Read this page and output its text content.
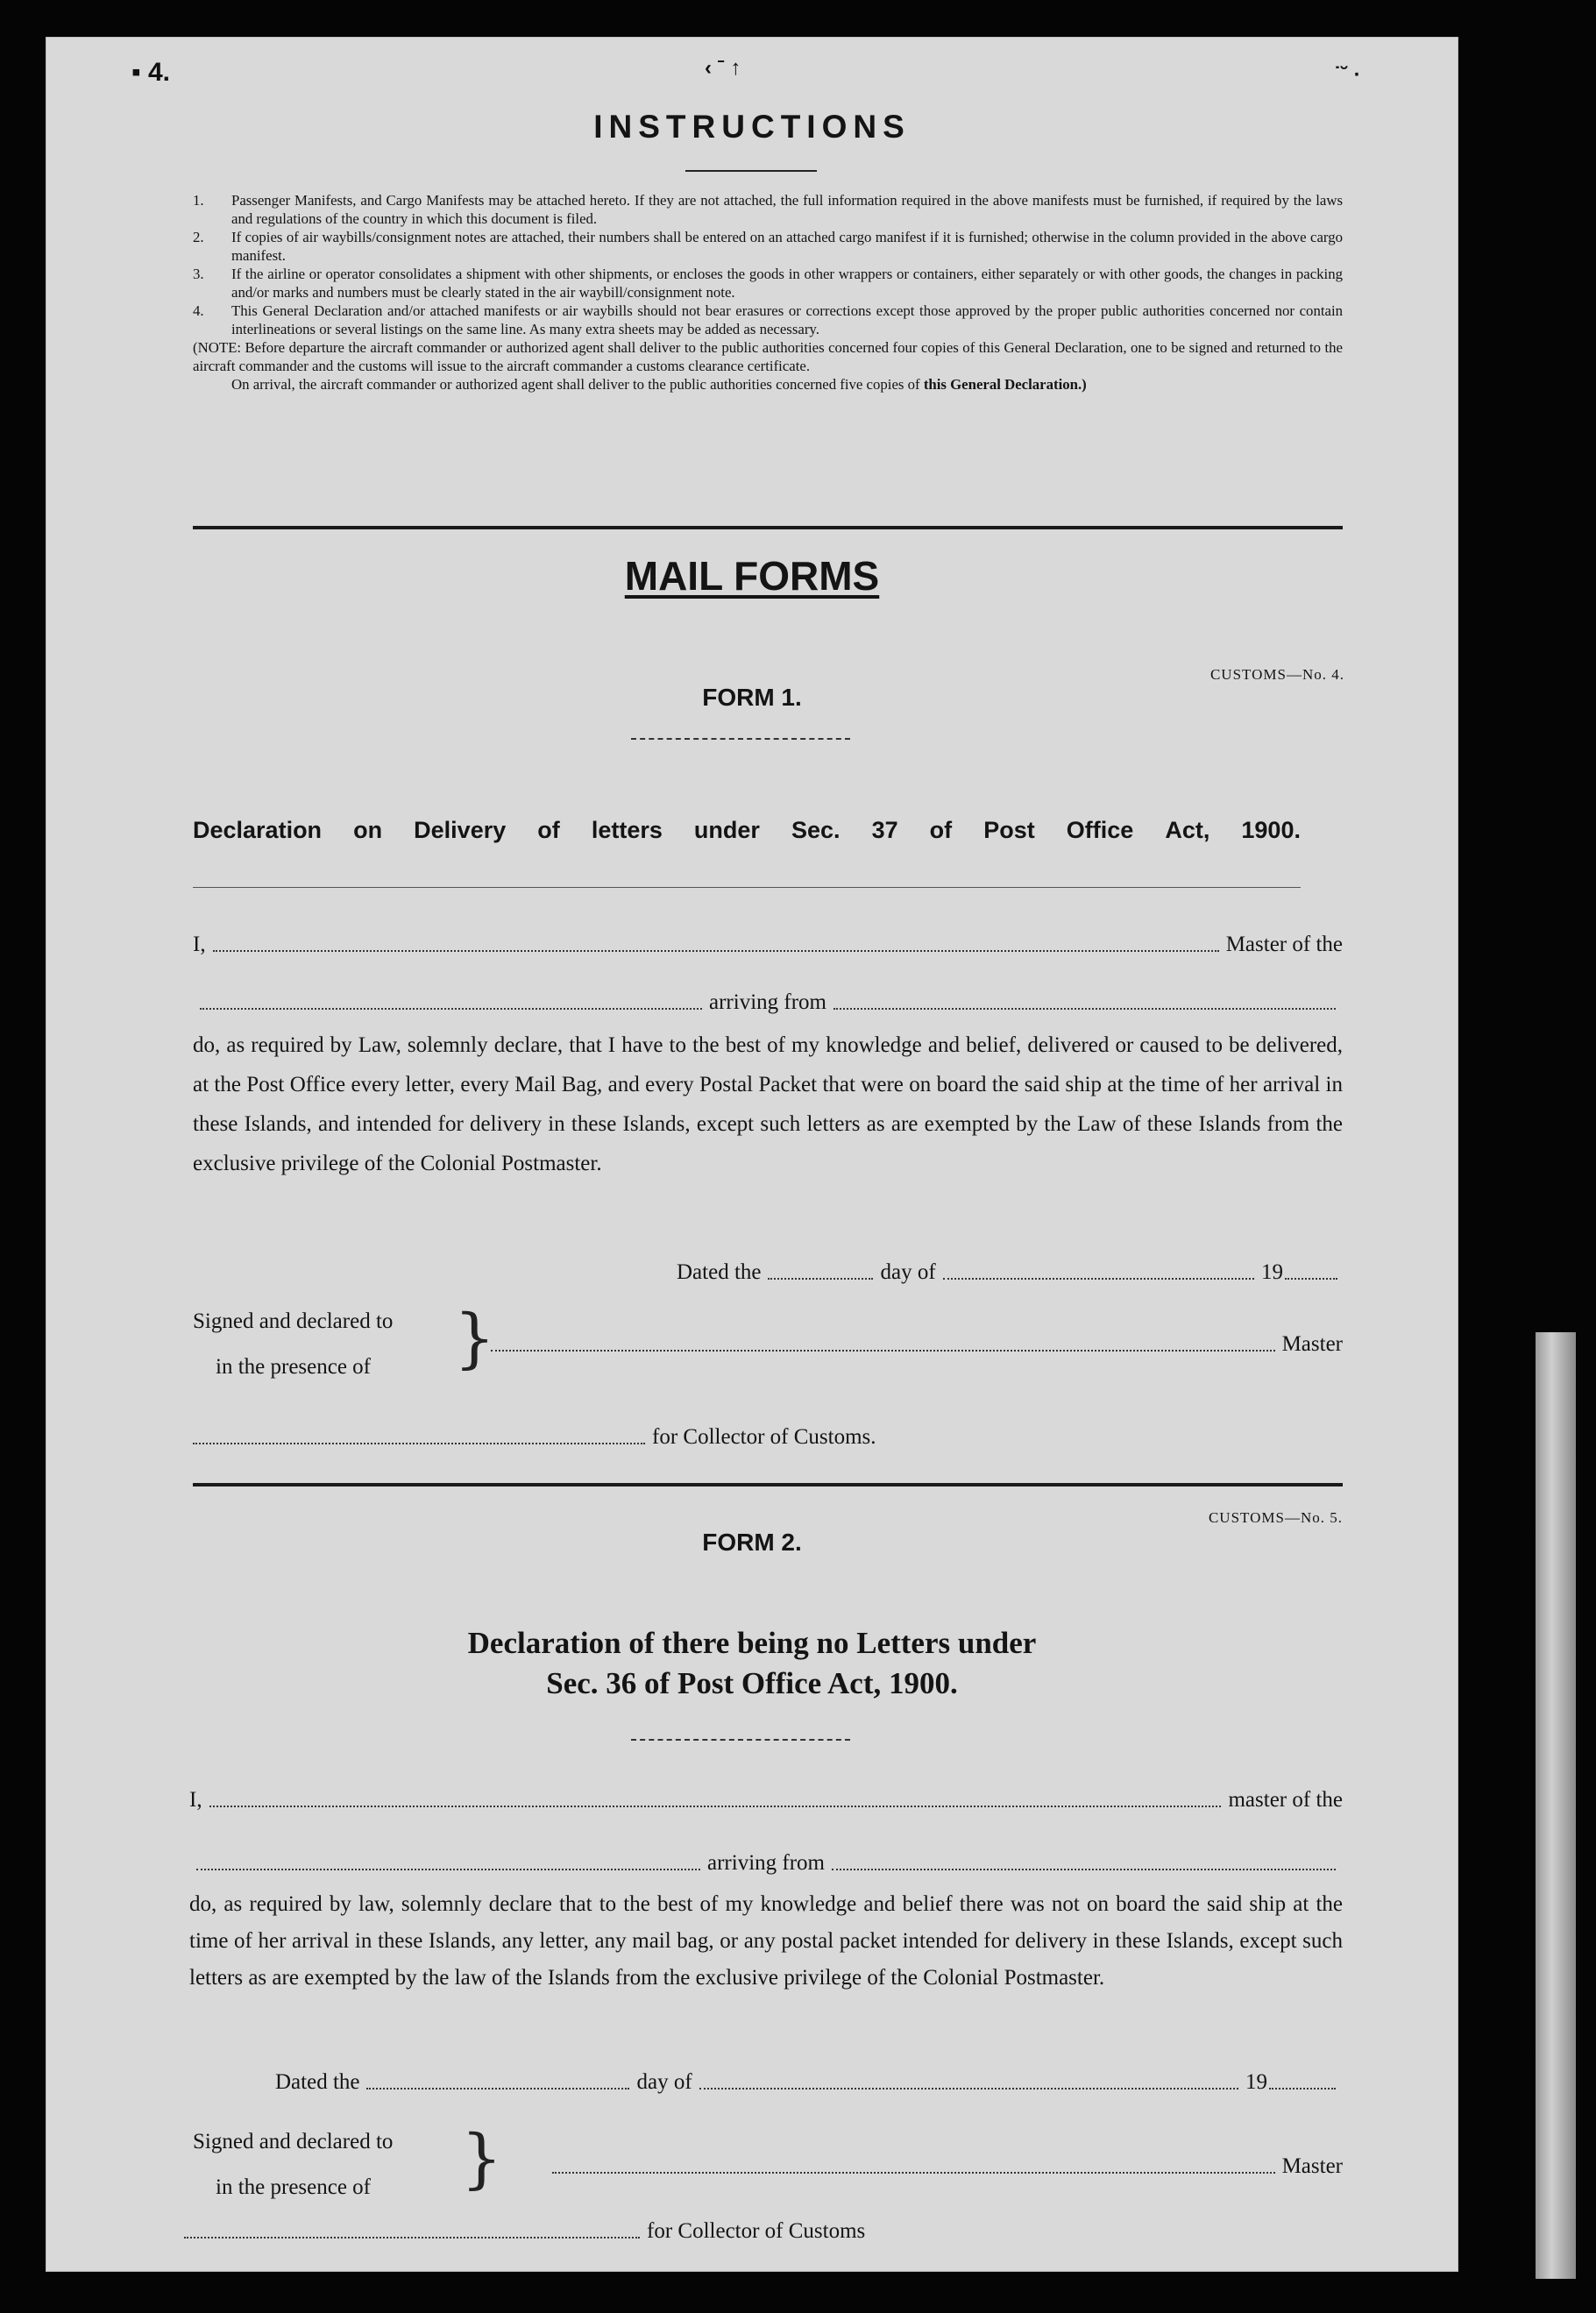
▪ 4.	‹ ˉ ↑	˙˘ ·
INSTRUCTIONS
1.	Passenger Manifests, and Cargo Manifests may be attached hereto. If they are not attached, the full information required in the above manifests must be furnished, if required by the laws and regulations of the country in which this document is filed.
2.	If copies of air waybills/consignment notes are attached, their numbers shall be entered on an attached cargo manifest if it is furnished; otherwise in the column provided in the above cargo manifest.
3.	If the airline or operator consolidates a shipment with other shipments, or encloses the goods in other wrappers or containers, either separately or with other goods, the changes in packing and/or marks and numbers must be clearly stated in the air waybill/consignment note.
4.	This General Declaration and/or attached manifests or air waybills should not bear erasures or corrections except those approved by the proper public authorities concerned nor contain interlineations or several listings on the same line. As many extra sheets may be added as necessary.
(NOTE: Before departure the aircraft commander or authorized agent shall deliver to the public authorities concerned four copies of this General Declaration, one to be signed and returned to the aircraft commander and the customs will issue to the aircraft commander a customs clearance certificate.
On arrival, the aircraft commander or authorized agent shall deliver to the public authorities concerned five copies of this General Declaration.)
MAIL FORMS
CUSTOMS—No. 4.
FORM 1.
Declaration on Delivery of letters under Sec. 37 of Post Office Act, 1900.
I,	Master of the
arriving from
do, as required by Law, solemnly declare, that I have to the best of my knowledge and belief, delivered or caused to be delivered, at the Post Office every letter, every Mail Bag, and every Postal Packet that were on board the said ship at the time of her arrival in these Islands, and intended for delivery in these Islands, except such letters as are exempted by the Law of these Islands from the exclusive privilege of the Colonial Postmaster.
Dated the	day of	19
Signed and declared to
in the presence of }	Master
for Collector of Customs.
CUSTOMS—No. 5.
FORM 2.
Declaration of there being no Letters under
Sec. 36 of Post Office Act, 1900.
I,	master of the
arriving from
do, as required by law, solemnly declare that to the best of my knowledge and belief there was not on board the said ship at the time of her arrival in these Islands, any letter, any mail bag, or any postal packet intended for delivery in these Islands, except such letters as are exempted by the law of the Islands from the exclusive privilege of the Colonial Postmaster.
Dated the	day of	19
Signed and declared to
in the presence of }	Master
for Collector of Customs
